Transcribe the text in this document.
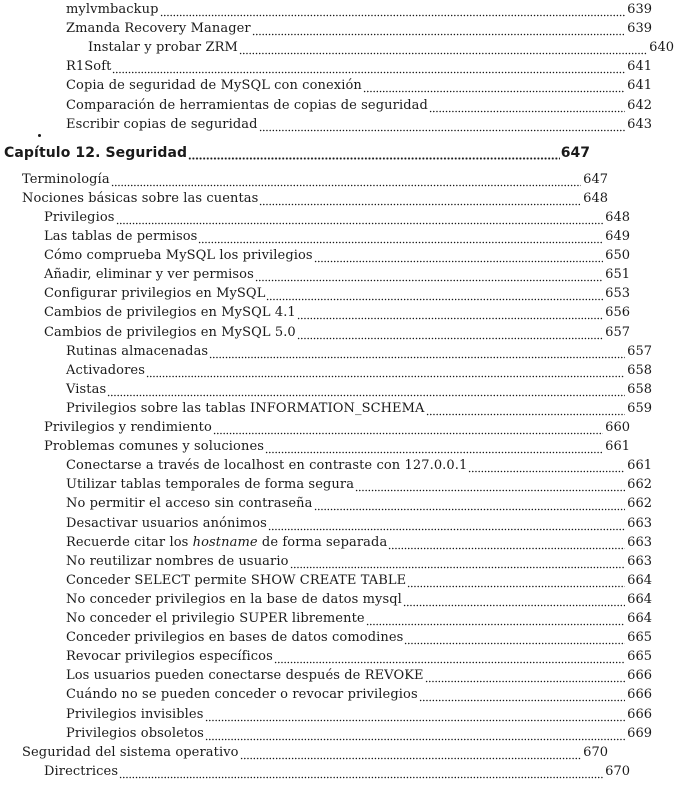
mylvmbackup	639
Zmanda Recovery Manager	639
Instalar y probar ZRM	640
R1Soft	641
Copia de seguridad de MySQL con conexión	641
Comparación de herramientas de copias de seguridad	642
Escribir copias de seguridad	643
Capítulo 12. Seguridad	647
Terminología	647
Nociones básicas sobre las cuentas	648
Privilegios	648
Las tablas de permisos	649
Cómo comprueba MySQL los privilegios	650
Añadir, eliminar y ver permisos	651
Configurar privilegios en MySQL	653
Cambios de privilegios en MySQL 4.1	656
Cambios de privilegios en MySQL 5.0	657
Rutinas almacenadas	657
Activadores	658
Vistas	658
Privilegios sobre las tablas INFORMATION_SCHEMA	659
Privilegios y rendimiento	660
Problemas comunes y soluciones	661
Conectarse a través de localhost en contraste con 127.0.0.1	661
Utilizar tablas temporales de forma segura	662
No permitir el acceso sin contraseña	662
Desactivar usuarios anónimos	663
Recuerde citar los hostname de forma separada	663
No reutilizar nombres de usuario	663
Conceder SELECT permite SHOW CREATE TABLE	664
No conceder privilegios en la base de datos mysql	664
No conceder el privilegio SUPER libremente	664
Conceder privilegios en bases de datos comodines	665
Revocar privilegios específicos	665
Los usuarios pueden conectarse después de REVOKE	666
Cuándo no se pueden conceder o revocar privilegios	666
Privilegios invisibles	666
Privilegios obsoletos	669
Seguridad del sistema operativo	670
Directrices	670
